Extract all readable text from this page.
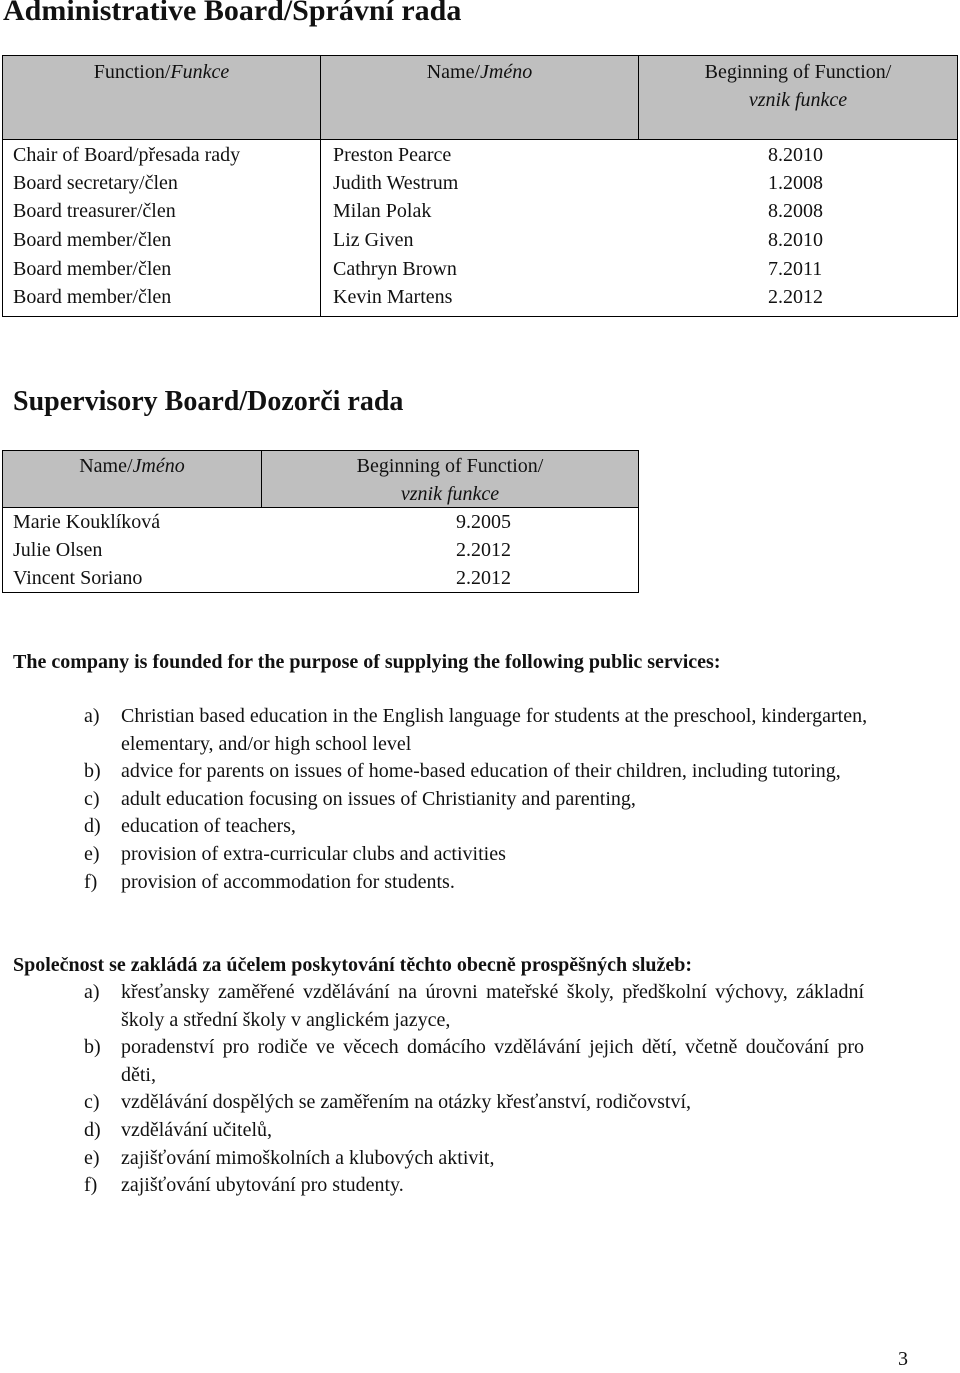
Administrative Board/Správní rada
Function/Funkce	Name/Jméno	Beginning of Function/
vznik funkce
Chair of Board/přesada rady	Preston Pearce	8.2010
Board secretary/člen	Judith Westrum	1.2008
Board treasurer/člen	Milan Polak	8.2008
Board member/člen	Liz Given	8.2010
Board member/člen	Cathryn Brown	7.2011
Board member/člen	Kevin Martens	2.2012
Supervisory Board/Dozorči rada
Name/Jméno	Beginning of Function/
vznik funkce
Marie Kouklíková	9.2005
Julie Olsen	2.2012
Vincent Soriano	2.2012
The company is founded for the purpose of supplying the following public services:
a) Christian based education in the English language for students at the preschool, kindergarten, elementary, and/or high school level
b) advice for parents on issues of home-based education of their children, including tutoring,
c) adult education focusing on issues of Christianity and parenting,
d) education of teachers,
e) provision of extra-curricular clubs and activities
f) provision of accommodation for students.
Společnost se zakládá za účelem poskytování těchto obecně prospěšných služeb:
a) křesťansky zaměřené vzdělávání na úrovni mateřské školy, předškolní výchovy, základní školy a střední školy v anglickém jazyce,
b) poradenství pro rodiče ve věcech domácího vzdělávání jejich dětí, včetně doučování pro děti,
c) vzdělávání dospělých se zaměřením na otázky křesťanství, rodičovství,
d) vzdělávání učitelů,
e) zajišťování mimoškolních a klubových aktivit,
f) zajišťování ubytování pro studenty.
3
